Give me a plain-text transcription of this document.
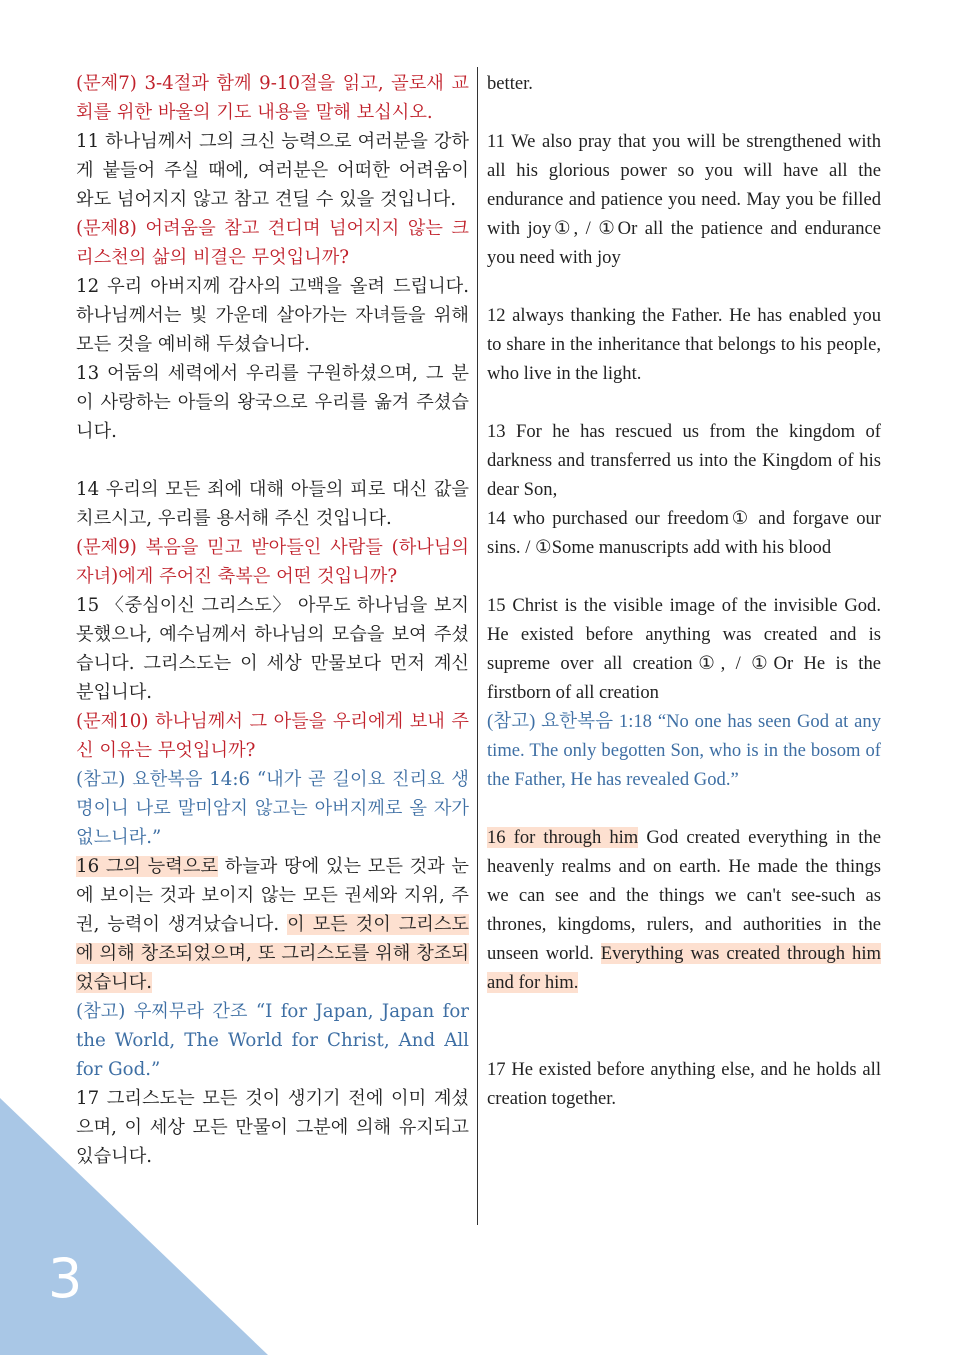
3

(문제7) 3-4절과 함께 9-10절을 읽고, 골로새 교회를 위한 바울의 기도 내용을 말해 보십시오.

11 하나님께서 그의 크신 능력으로 여러분을 강하게 붙들어 주실 때에, 여러분은 어떠한 어려움이 와도 넘어지지 않고 참고 견딜 수 있을 것입니다.

(문제8) 어려움을 참고 견디며 넘어지지 않는 크리스천의 삶의 비결은 무엇입니까?

12 우리 아버지께 감사의 고백을 올려 드립니다. 하나님께서는 빛 가운데 살아가는 자녀들을 위해 모든 것을 예비해 두셨습니다.

13 어둠의 세력에서 우리를 구원하셨으며, 그 분이 사랑하는 아들의 왕국으로 우리를 옮겨 주셨습니다.

14 우리의 모든 죄에 대해 아들의 피로 대신 값을 치르시고, 우리를 용서해 주신 것입니다.

(문제9) 복음을 믿고 받아들인 사람들 (하나님의 자녀)에게 주어진 축복은 어떤 것입니까?

15 〈중심이신 그리스도〉 아무도 하나님을 보지 못했으나, 예수님께서 하나님의 모습을 보여 주셨습니다. 그리스도는 이 세상 만물보다 먼저 계신 분입니다.

(문제10) 하나님께서 그 아들을 우리에게 보내 주신 이유는 무엇입니까?

(참고) 요한복음 14:6 “내가 곧 길이요 진리요 생명이니 나로 말미암지 않고는 아버지께로 올 자가 없느니라.”

16 그의 능력으로 하늘과 땅에 있는 모든 것과 눈에 보이는 것과 보이지 않는 모든 권세와 지위, 주권, 능력이 생겨났습니다. 이 모든 것이 그리스도에 의해 창조되었으며, 또 그리스도를 위해 창조되었습니다.

(참고) 우찌무라 간조 “I for Japan, Japan for the World, The World for Christ, And All for God.”

17 그리스도는 모든 것이 생기기 전에 이미 계셨으며, 이 세상 모든 만물이 그분에 의해 유지되고 있습니다.

better.

11 We also pray that you will be strengthened with all his glorious power so you will have all the endurance and patience you need. May you be filled with joy①, / ①Or all the patience and endurance you need with joy

12 always thanking the Father. He has enabled you to share in the inheritance that belongs to his people, who live in the light.

13 For he has rescued us from the kingdom of darkness and transferred us into the Kingdom of his dear Son,

14 who purchased our freedom① and forgave our sins. / ①Some manuscripts add with his blood

15 Christ is the visible image of the invisible God. He existed before anything was created and is supreme over all creation①, / ①Or He is the firstborn of all creation

(참고) 요한복음 1:18 “No one has seen God at any time. The only begotten Son, who is in the bosom of the Father, He has revealed God.”

16 for through him God created everything in the heavenly realms and on earth. He made the things we can see and the things we can't see-such as thrones, kingdoms, rulers, and authorities in the unseen world. Everything was created through him and for him.

17 He existed before anything else, and he holds all creation together.
